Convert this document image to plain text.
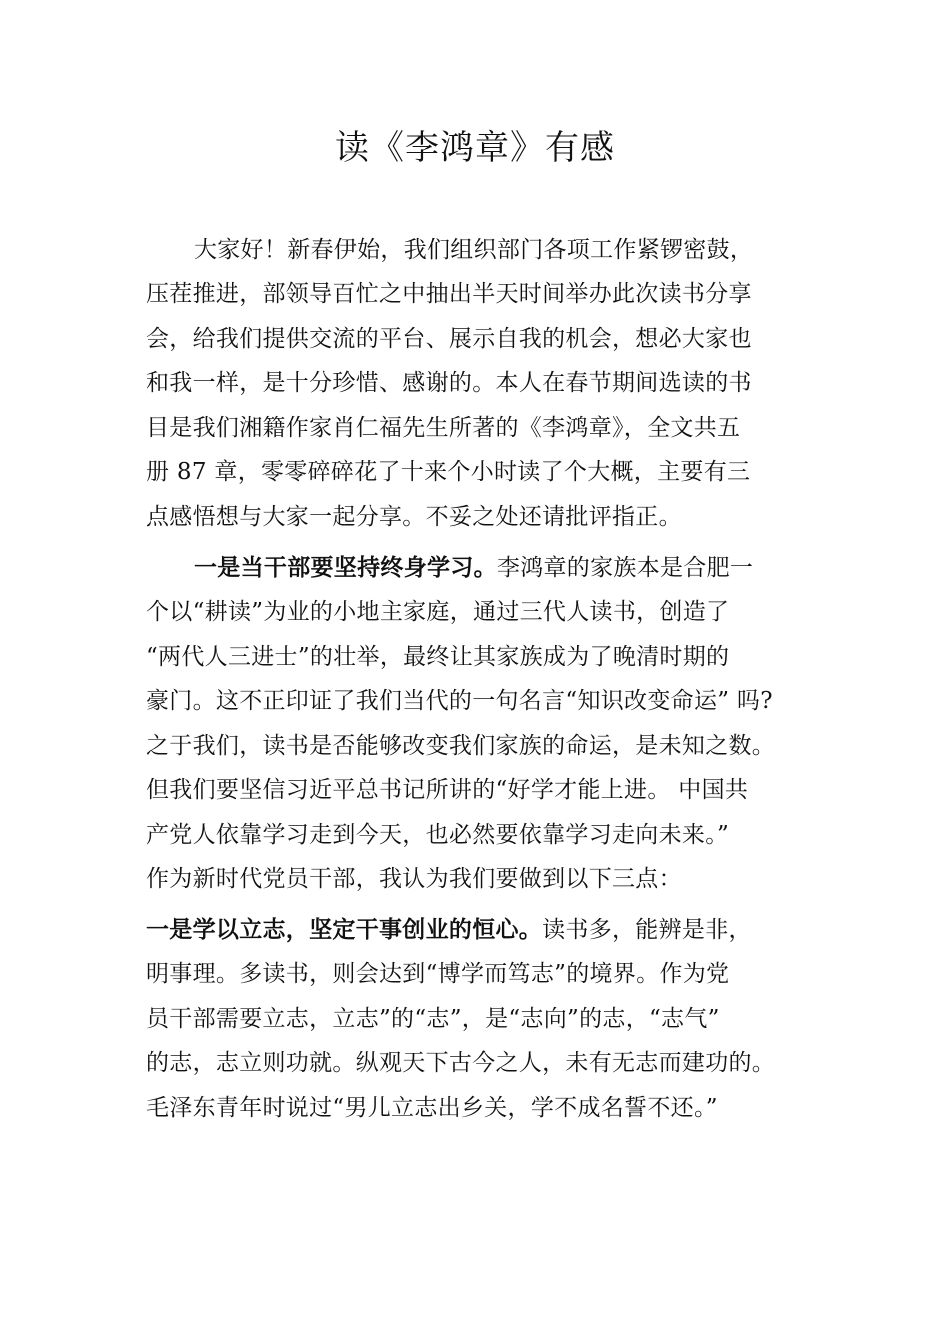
读《李鸿章》有感
大家好！新春伊始，我们组织部门各项工作紧锣密鼓，
压茬推进，部领导百忙之中抽出半天时间举办此次读书分享
会，给我们提供交流的平台、展示自我的机会，想必大家也
和我一样，是十分珍惜、感谢的。本人在春节期间选读的书
目是我们湘籍作家肖仁福先生所著的《李鸿章》，全文共五
册 87 章，零零碎碎花了十来个小时读了个大概，主要有三
点感悟想与大家一起分享。不妥之处还请批评指正。
一是当干部要坚持终身学习。李鸿章的家族本是合肥一
个以“耕读”为业的小地主家庭，通过三代人读书，创造了
“两代人三进士”的壮举，最终让其家族成为了晚清时期的
豪门。这不正印证了我们当代的一句名言“知识改变命运” 吗?
之于我们，读书是否能够改变我们家族的命运，是未知之数。
但我们要坚信习近平总书记所讲的“好学才能上进。 中国共
产党人依靠学习走到今天，也必然要依靠学习走向未来。”
作为新时代党员干部，我认为我们要做到以下三点：
一是学以立志，坚定干事创业的恒心。读书多，能辨是非，
明事理。多读书，则会达到“博学而笃志”的境界。作为党
员干部需要立志，立志”的“志”，是“志向”的志，“志气”
的志，志立则功就。纵观天下古今之人，未有无志而建功的。
毛泽东青年时说过“男儿立志出乡关，学不成名誓不还。”
